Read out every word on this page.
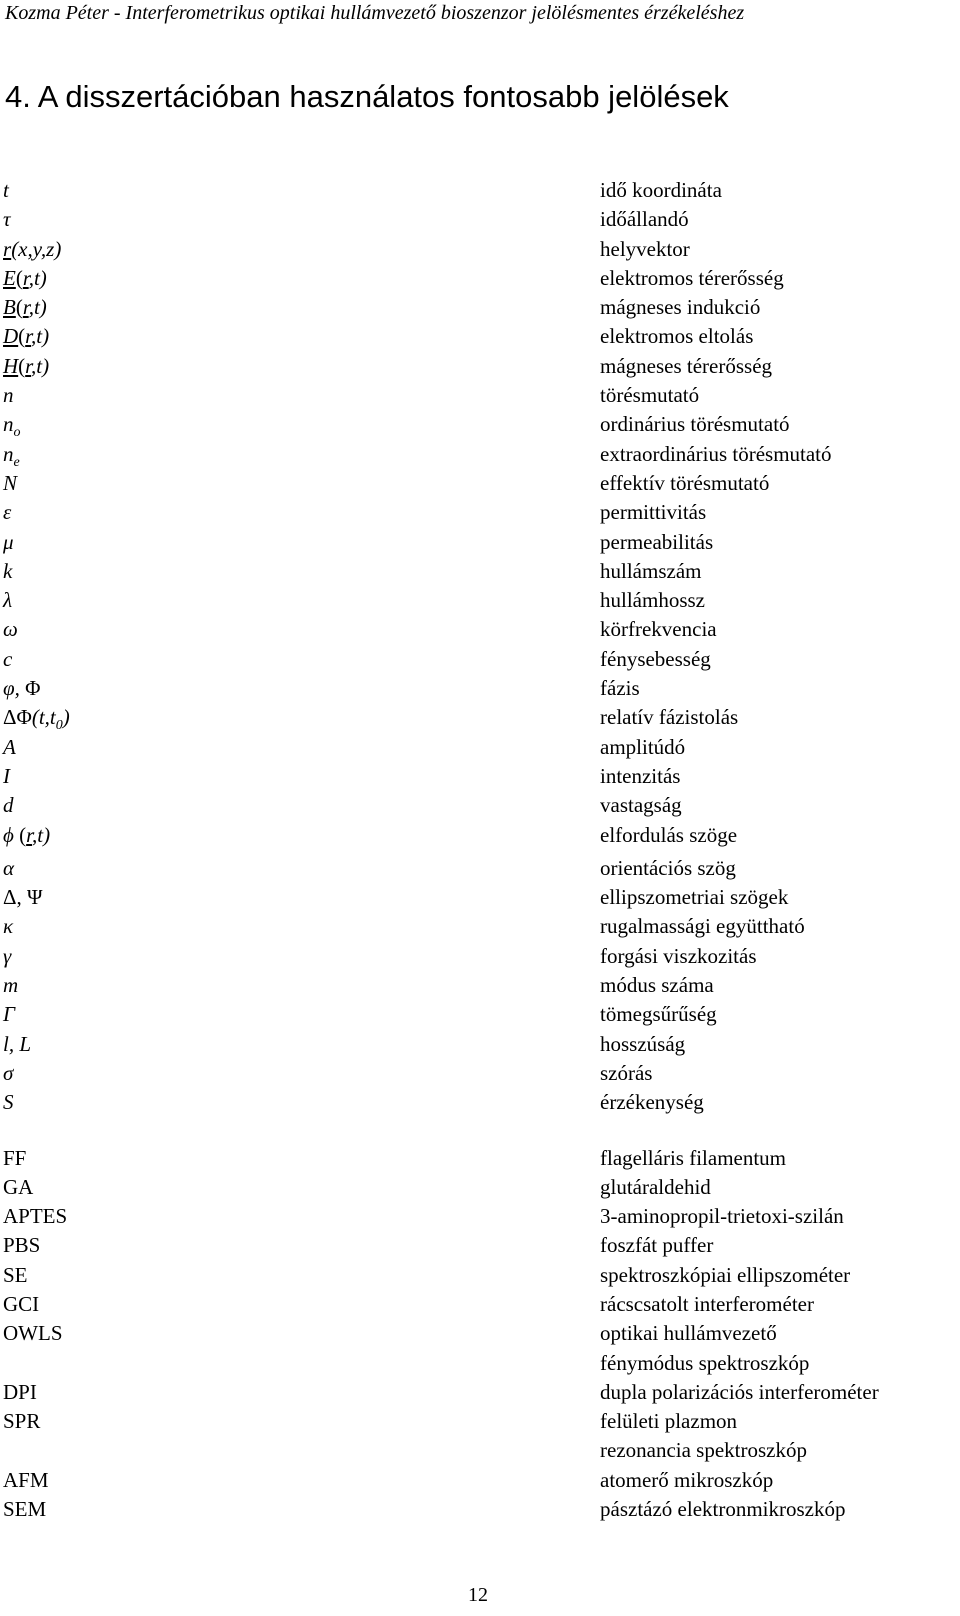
Kozma Péter - Interferometrikus optikai hullámvezető bioszenzor jelölésmentes érzékeléshez
4. A disszertációban használatos fontosabb jelölések
t	idő koordináta
τ	időállandó
r(x,y,z)	helyvektor
E(r,t)	elektromos térerősség
B(r,t)	mágneses indukció
D(r,t)	elektromos eltolás
H(r,t)	mágneses térerősség
n	törésmutató
$n_o$	ordinárius törésmutató
$n_e$	extraordinárius törésmutató
N	effektív törésmutató
ε	permittivitás
μ	permeabilitás
k	hullámszám
λ	hullámhossz
ω	körfrekvencia
c	fénysebesség
φ, Φ	fázis
$\Delta\Phi(t,t_0)$	relatív fázistolás
A	amplitúdó
I	intenzitás
d	vastagság
ϕ (r,t)	elfordulás szöge
α	orientációs szög
Δ, Ψ	ellipszometriai szögek
κ	rugalmassági együttható
γ	forgási viszkozitás
m	módus száma
Γ	tömegsűrűség
l, L	hosszúság
σ	szórás
S	érzékenység
FF	flagelláris filamentum
GA	glutáraldehid
APTES	3-aminopropil-trietoxi-szilán
PBS	foszfát puffer
SE	spektroszkópiai ellipszométer
GCI	rácscsatolt interferométer
OWLS	optikai hullámvezető
fénymódus spektroszkóp
DPI	dupla polarizációs interferométer
SPR	felületi plazmon
rezonancia spektroszkóp
AFM	atomerő mikroszkóp
SEM	pásztázó elektronmikroszkóp
12
